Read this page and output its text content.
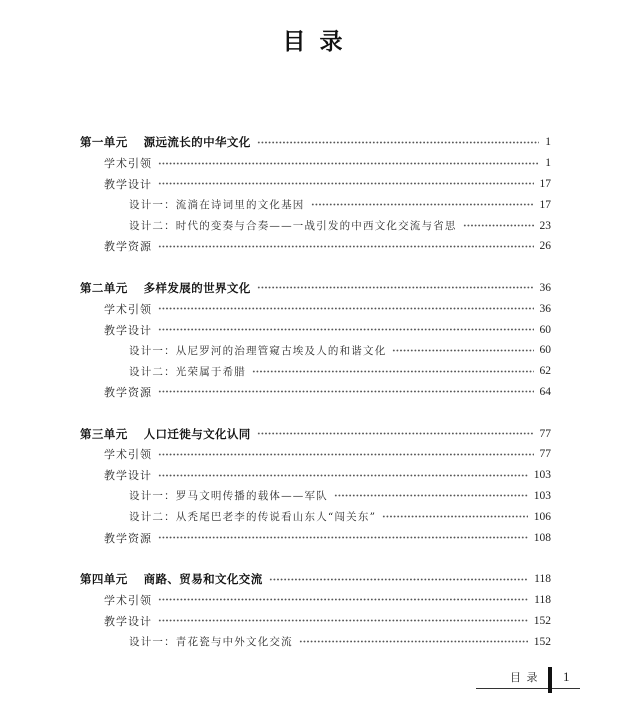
目 录
第一单元 源远流长的中华文化	1
学术引领	1
教学设计	17
设计一：流淌在诗词里的文化基因	17
设计二：时代的变奏与合奏——一战引发的中西文化交流与省思	23
教学资源	26
第二单元 多样发展的世界文化	36
学术引领	36
教学设计	60
设计一：从尼罗河的治理管窥古埃及人的和谐文化	60
设计二：光荣属于希腊	62
教学资源	64
第三单元 人口迁徙与文化认同	77
学术引领	77
教学设计	103
设计一：罗马文明传播的载体——军队	103
设计二：从秃尾巴老李的传说看山东人“闯关东”	106
教学资源	108
第四单元 商路、贸易和文化交流	118
学术引领	118
教学设计	152
设计一：青花瓷与中外文化交流	152
目 录 1
